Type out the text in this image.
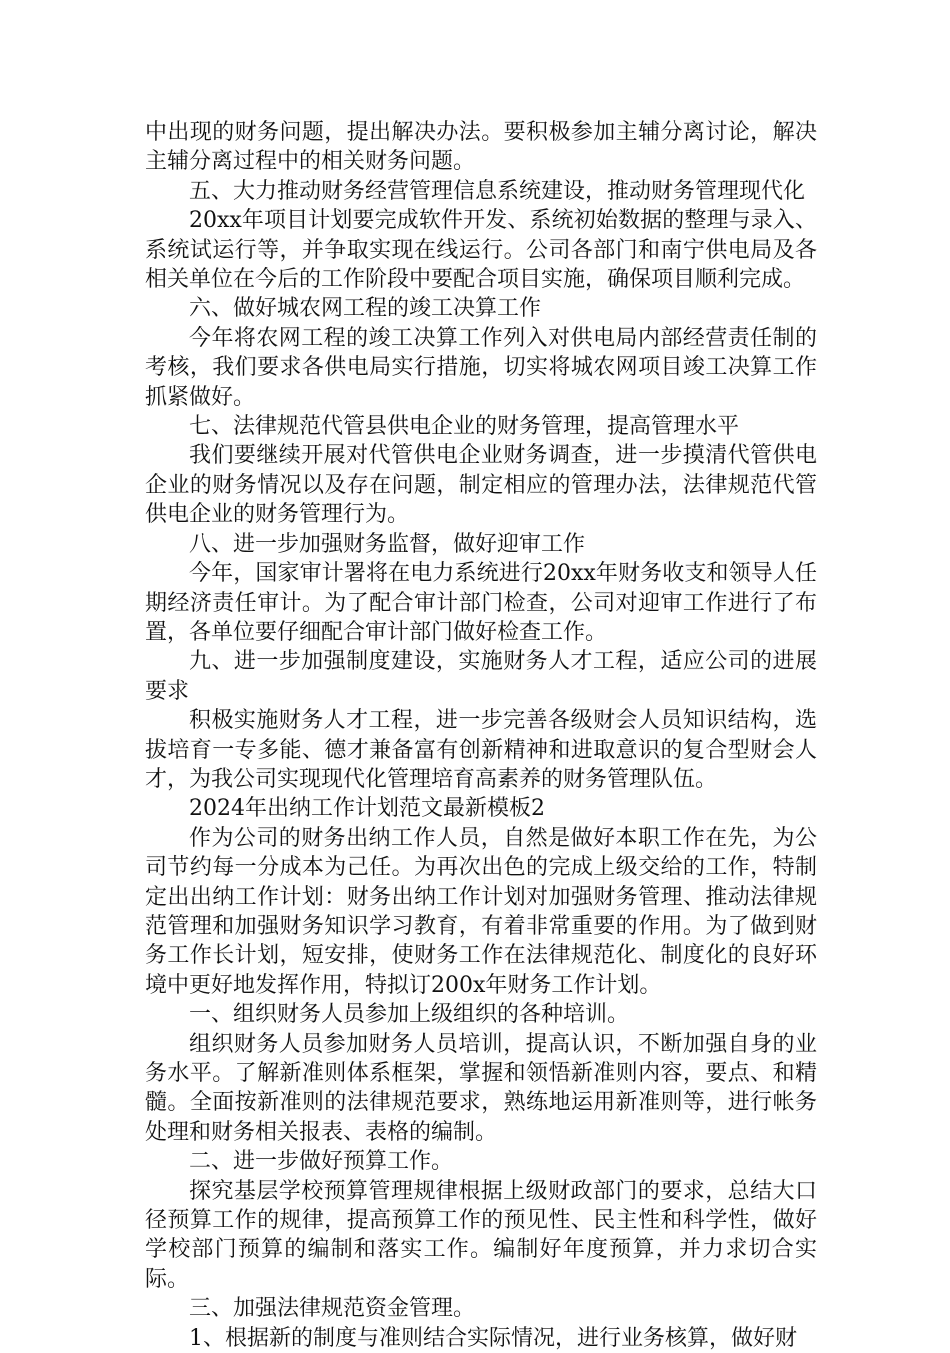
中出现的财务问题，提出解决办法。要积极参加主辅分离讨论，解决主辅分离过程中的相关财务问题。

五、大力推动财务经营管理信息系统建设，推动财务管理现代化

20xx年项目计划要完成软件开发、系统初始数据的整理与录入、系统试运行等，并争取实现在线运行。公司各部门和南宁供电局及各相关单位在今后的工作阶段中要配合项目实施，确保项目顺利完成。

六、做好城农网工程的竣工决算工作

今年将农网工程的竣工决算工作列入对供电局内部经营责任制的考核，我们要求各供电局实行措施，切实将城农网项目竣工决算工作抓紧做好。

七、法律规范代管县供电企业的财务管理，提高管理水平

我们要继续开展对代管供电企业财务调查，进一步摸清代管供电企业的财务情况以及存在问题，制定相应的管理办法，法律规范代管供电企业的财务管理行为。

八、进一步加强财务监督，做好迎审工作

今年，国家审计署将在电力系统进行20xx年财务收支和领导人任期经济责任审计。为了配合审计部门检查，公司对迎审工作进行了布置，各单位要仔细配合审计部门做好检查工作。

九、进一步加强制度建设，实施财务人才工程，适应公司的进展要求

积极实施财务人才工程，进一步完善各级财会人员知识结构，选拔培育一专多能、德才兼备富有创新精神和进取意识的复合型财会人才，为我公司实现现代化管理培育高素养的财务管理队伍。

2024年出纳工作计划范文最新模板2

作为公司的财务出纳工作人员，自然是做好本职工作在先，为公司节约每一分成本为己任。为再次出色的完成上级交给的工作，特制定出出纳工作计划：财务出纳工作计划对加强财务管理、推动法律规范管理和加强财务知识学习教育，有着非常重要的作用。为了做到财务工作长计划，短安排，使财务工作在法律规范化、制度化的良好环境中更好地发挥作用，特拟订200x年财务工作计划。

一、组织财务人员参加上级组织的各种培训。

组织财务人员参加财务人员培训，提高认识，不断加强自身的业务水平。了解新准则体系框架，掌握和领悟新准则内容，要点、和精髓。全面按新准则的法律规范要求，熟练地运用新准则等，进行帐务处理和财务相关报表、表格的编制。

二、进一步做好预算工作。

探究基层学校预算管理规律根据上级财政部门的要求，总结大口径预算工作的规律，提高预算工作的预见性、民主性和科学性，做好学校部门预算的编制和落实工作。编制好年度预算，并力求切合实际。

三、加强法律规范资金管理。

1、根据新的制度与准则结合实际情况，进行业务核算，做好财
